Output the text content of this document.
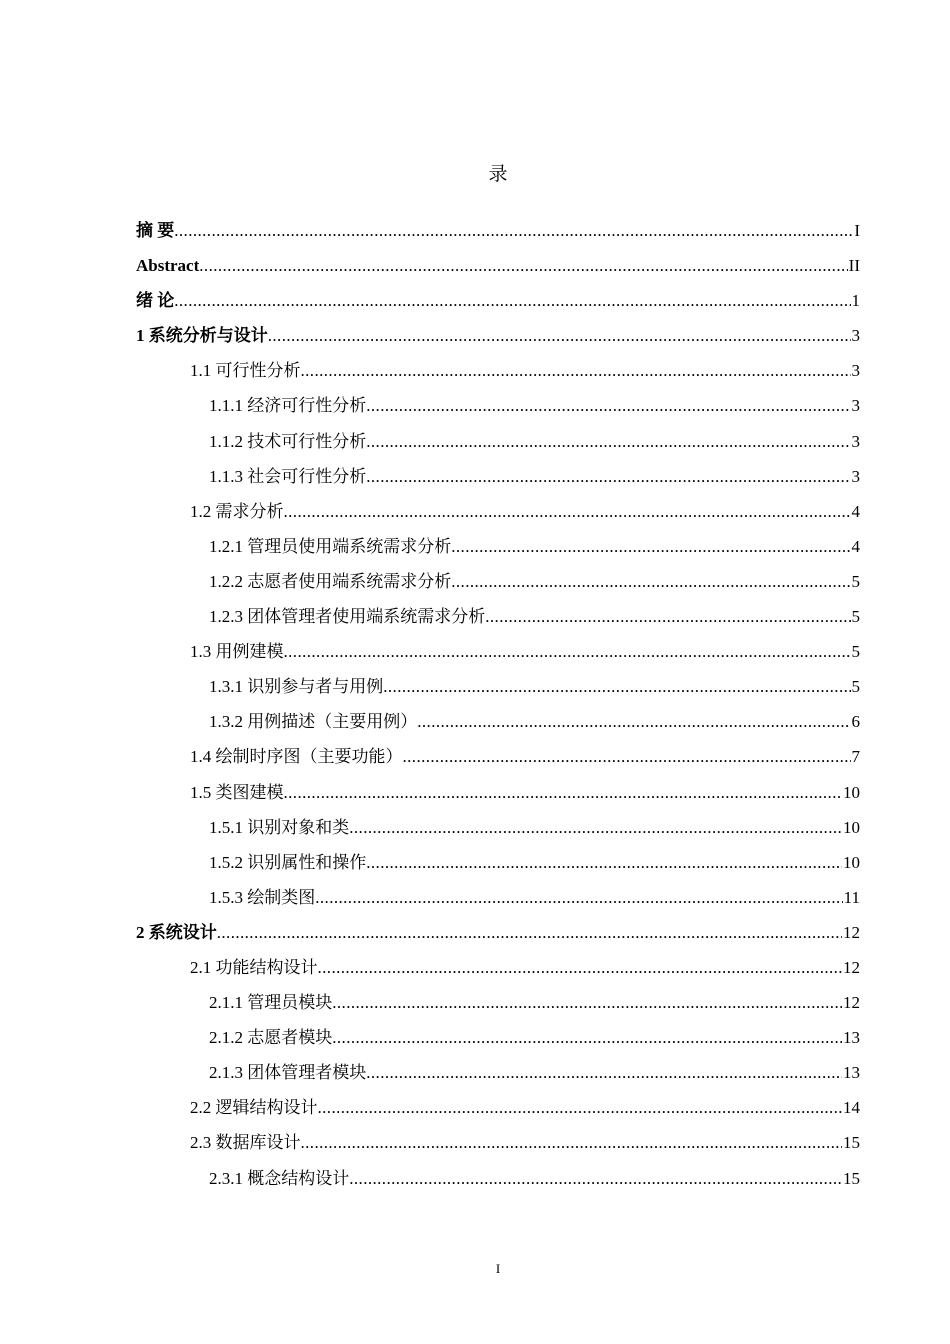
录
摘 要 .....	I
Abstract .....	II
绪 论 .....	1
1 系统分析与设计 .....	3
1.1 可行性分析 .....	3
1.1.1 经济可行性分析 .....	3
1.1.2 技术可行性分析 .....	3
1.1.3 社会可行性分析 .....	3
1.2 需求分析 .....	4
1.2.1 管理员使用端系统需求分析 .....	4
1.2.2 志愿者使用端系统需求分析 .....	5
1.2.3 团体管理者使用端系统需求分析 .....	5
1.3 用例建模 .....	5
1.3.1 识别参与者与用例 .....	5
1.3.2 用例描述（主要用例） .....	6
1.4 绘制时序图（主要功能） .....	7
1.5 类图建模 .....	10
1.5.1 识别对象和类 .....	10
1.5.2 识别属性和操作 .....	10
1.5.3 绘制类图 .....	11
2 系统设计 .....	12
2.1 功能结构设计 .....	12
2.1.1 管理员模块 .....	12
2.1.2 志愿者模块 .....	13
2.1.3 团体管理者模块 .....	13
2.2 逻辑结构设计 .....	14
2.3 数据库设计 .....	15
2.3.1 概念结构设计 .....	15
I
